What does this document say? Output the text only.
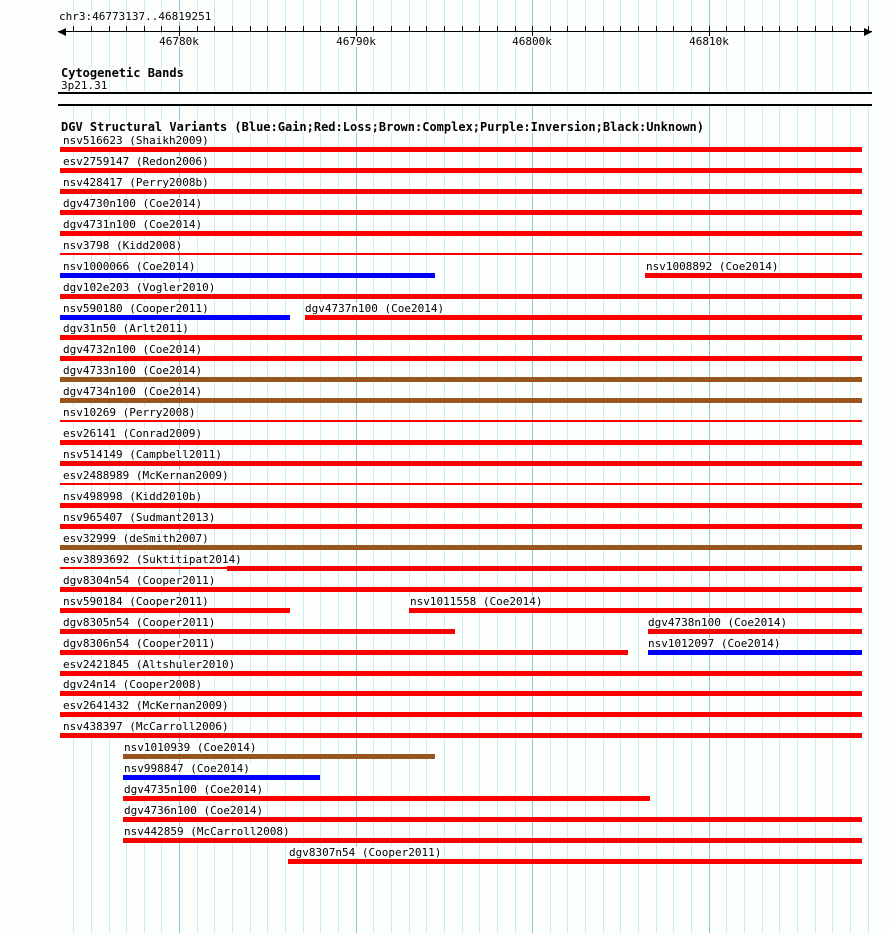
chr3:46773137..46819251
46780k	46790k	46800k	46810k
Cytogenetic Bands
3p21.31
DGV Structural Variants (Blue:Gain;Red:Loss;Brown:Complex;Purple:Inversion;Black:Unknown)
nsv516623 (Shaikh2009)
esv2759147 (Redon2006)
nsv428417 (Perry2008b)
dgv4730n100 (Coe2014)
dgv4731n100 (Coe2014)
nsv3798 (Kidd2008)
nsv1000066 (Coe2014)	nsv1008892 (Coe2014)
dgv102e203 (Vogler2010)
nsv590180 (Cooper2011)	dgv4737n100 (Coe2014)
dgv31n50 (Arlt2011)
dgv4732n100 (Coe2014)
dgv4733n100 (Coe2014)
dgv4734n100 (Coe2014)
nsv10269 (Perry2008)
esv26141 (Conrad2009)
nsv514149 (Campbell2011)
esv2488989 (McKernan2009)
nsv498998 (Kidd2010b)
nsv965407 (Sudmant2013)
esv32999 (deSmith2007)
esv3893692 (Suktitipat2014)
dgv8304n54 (Cooper2011)
nsv590184 (Cooper2011)	nsv1011558 (Coe2014)
dgv8305n54 (Cooper2011)	dgv4738n100 (Coe2014)
dgv8306n54 (Cooper2011)	nsv1012097 (Coe2014)
esv2421845 (Altshuler2010)
dgv24n14 (Cooper2008)
esv2641432 (McKernan2009)
nsv438397 (McCarroll2006)
nsv1010939 (Coe2014)
nsv998847 (Coe2014)
dgv4735n100 (Coe2014)
dgv4736n100 (Coe2014)
nsv442859 (McCarroll2008)
dgv8307n54 (Cooper2011)
